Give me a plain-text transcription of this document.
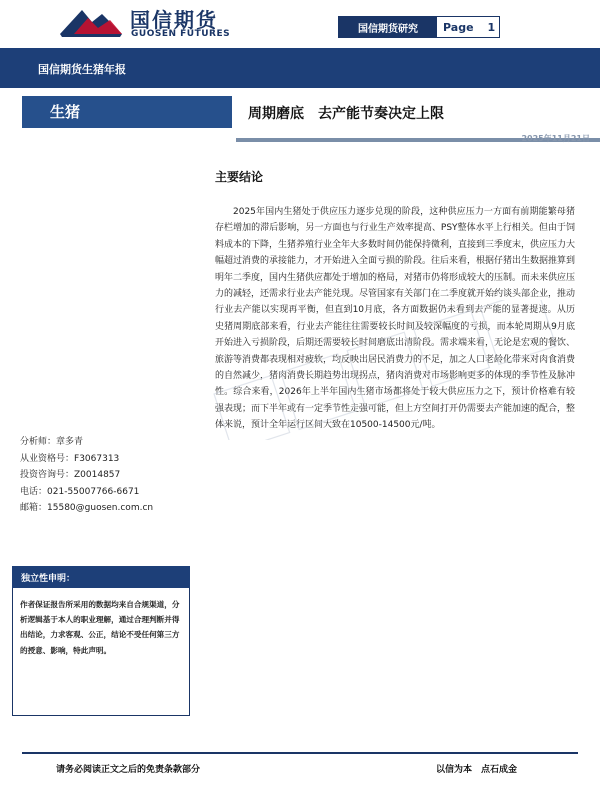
国信期货
GUOSEN FUTURES	国信期货研究	Page 1
国信期货生猪年报
生猪	周期磨底　去产能节奏决定上限
2025年11月21日
主要结论

2025年国内生猪处于供应压力逐步兑现的阶段，这种供应压力一方面有前期能繁母猪存栏增加的滞后影响，另一方面也与行业生产效率提高、PSY整体水平上行相关。但由于饲料成本的下降，生猪养殖行业全年大多数时间仍能保持微利，直接到三季度末，供应压力大幅超过消费的承接能力，才开始进入全面亏损的阶段。往后来看，根据仔猪出生数据推算到明年二季度，国内生猪供应都处于增加的格局，对猪市仍将形成较大的压制。而未来供应压力的减轻，还需求行业去产能兑现。尽管国家有关部门在二季度就开始约谈头部企业，推动行业去产能以实现再平衡，但直到10月底，各方面数据仍未看到去产能的显著提速。从历史猪周期底部来看，行业去产能往往需要较长时间及较深幅度的亏损，而本轮周期从9月底开始进入亏损阶段，后期还需要较长时间磨底出清阶段。需求端来看，无论是宏观的餐饮、旅游等消费都表现相对疲软，均反映出居民消费力的不足，加之人口老龄化带来对肉食消费的自然减少，猪肉消费长期趋势出现拐点，猪肉消费对市场影响更多的体现的季节性及脉冲性。综合来看，2026年上半年国内生猪市场都将处于较大供应压力之下，预计价格难有较强表现；而下半年或有一定季节性走强可能，但上方空间打开仍需要去产能加速的配合，整体来说，预计全年运行区间大致在10500-14500元/吨。

分析师：章多青
从业资格号：F3067313
投资咨询号：Z0014857
电话：021-55007766-6671
邮箱：15580@guosen.com.cn
独立性申明：

作者保证报告所采用的数据均来自合规渠道，分析逻辑基于本人的职业理解，通过合理判断并得出结论，力求客观、公正，结论不受任何第三方的授意、影响，特此声明。

请务必阅读正文之后的免责条款部分	以信为本　点石成金
